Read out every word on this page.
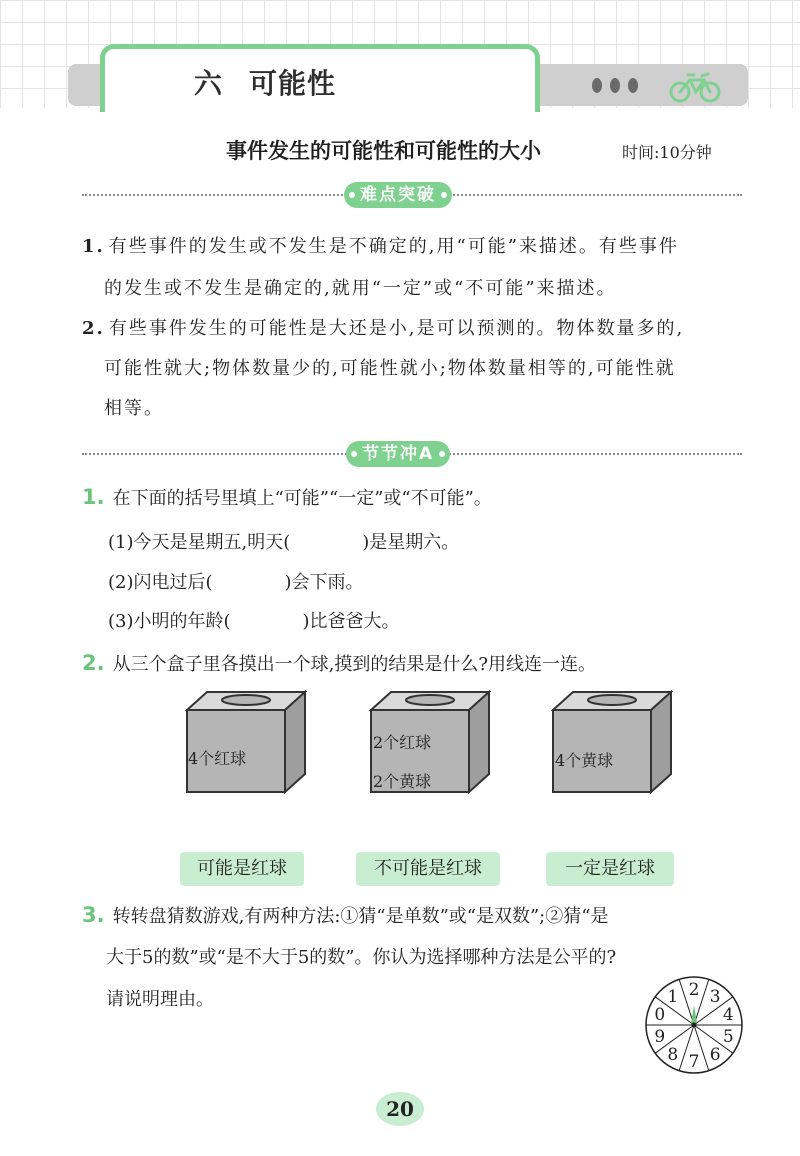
六 可能性
事件发生的可能性和可能性的大小	时间:10分钟
难点突破
1. 有些事件的发生或不发生是不确定的,用“可能”来描述。有些事件
的发生或不发生是确定的,就用“一定”或“不可能”来描述。
2. 有些事件发生的可能性是大还是小,是可以预测的。物体数量多的,
可能性就大;物体数量少的,可能性就小;物体数量相等的,可能性就
相等。
节节冲A
1. 在下面的括号里填上“可能”“一定”或“不可能”。
(1)今天是星期五,明天(	)是星期六。
(2)闪电过后(	)会下雨。
(3)小明的年龄(	)比爸爸大。
2. 从三个盒子里各摸出一个球,摸到的结果是什么?用线连一连。
4个红球
2个红球
2个黄球
4个黄球
可能是红球	不可能是红球	一定是红球
3. 转转盘猜数游戏,有两种方法:①猜“是单数”或“是双数”;②猜“是
大于5的数”或“是不大于5的数”。你认为选择哪种方法是公平的?
请说明理由。	2 3
4
5
6
7
8
9
0
1
20
